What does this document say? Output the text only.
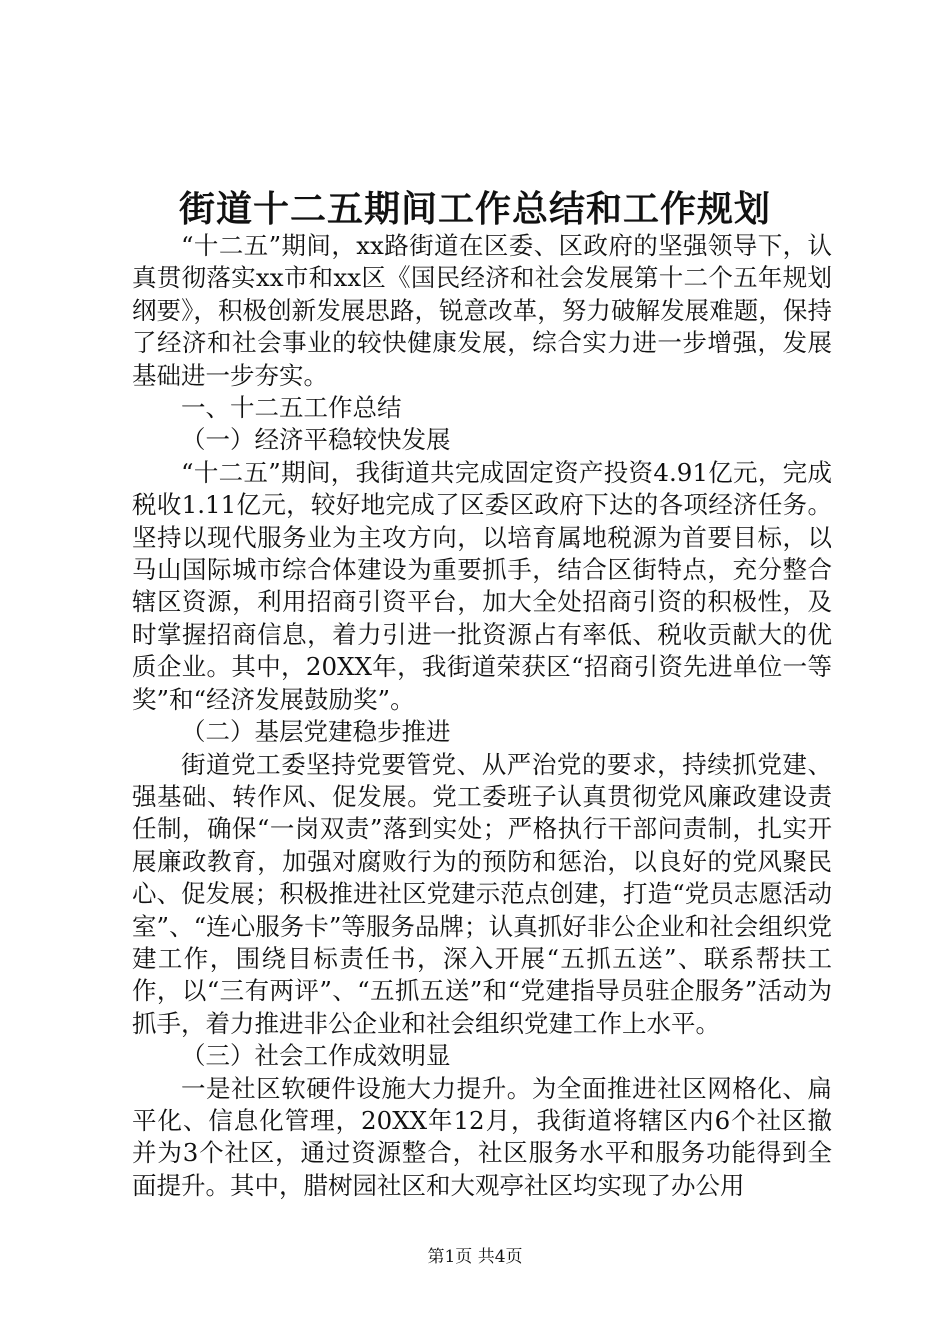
街道十二五期间工作总结和工作规划

“十二五”期间，xx路街道在区委、区政府的坚强领导下，认真贯彻落实xx市和xx区《国民经济和社会发展第十二个五年规划纲要》，积极创新发展思路，锐意改革，努力破解发展难题，保持了经济和社会事业的较快健康发展，综合实力进一步增强，发展基础进一步夯实。

一、十二五工作总结

（一）经济平稳较快发展

“十二五”期间，我街道共完成固定资产投资4.91亿元，完成税收1.11亿元，较好地完成了区委区政府下达的各项经济任务。坚持以现代服务业为主攻方向，以培育属地税源为首要目标，以马山国际城市综合体建设为重要抓手，结合区街特点，充分整合辖区资源，利用招商引资平台，加大全处招商引资的积极性，及时掌握招商信息，着力引进一批资源占有率低、税收贡献大的优质企业。其中，20XX年，我街道荣获区“招商引资先进单位一等奖”和“经济发展鼓励奖”。

（二）基层党建稳步推进

街道党工委坚持党要管党、从严治党的要求，持续抓党建、强基础、转作风、促发展。党工委班子认真贯彻党风廉政建设责任制，确保“一岗双责”落到实处；严格执行干部问责制，扎实开展廉政教育，加强对腐败行为的预防和惩治，以良好的党风聚民心、促发展；积极推进社区党建示范点创建，打造“党员志愿活动室”、“连心服务卡”等服务品牌；认真抓好非公企业和社会组织党建工作，围绕目标责任书，深入开展“五抓五送”、联系帮扶工作，以“三有两评”、“五抓五送”和“党建指导员驻企服务”活动为抓手，着力推进非公企业和社会组织党建工作上水平。

（三）社会工作成效明显

一是社区软硬件设施大力提升。为全面推进社区网格化、扁平化、信息化管理，20XX年12月，我街道将辖区内6个社区撤并为3个社区，通过资源整合，社区服务水平和服务功能得到全面提升。其中，腊树园社区和大观亭社区均实现了办公用

第1页 共4页
